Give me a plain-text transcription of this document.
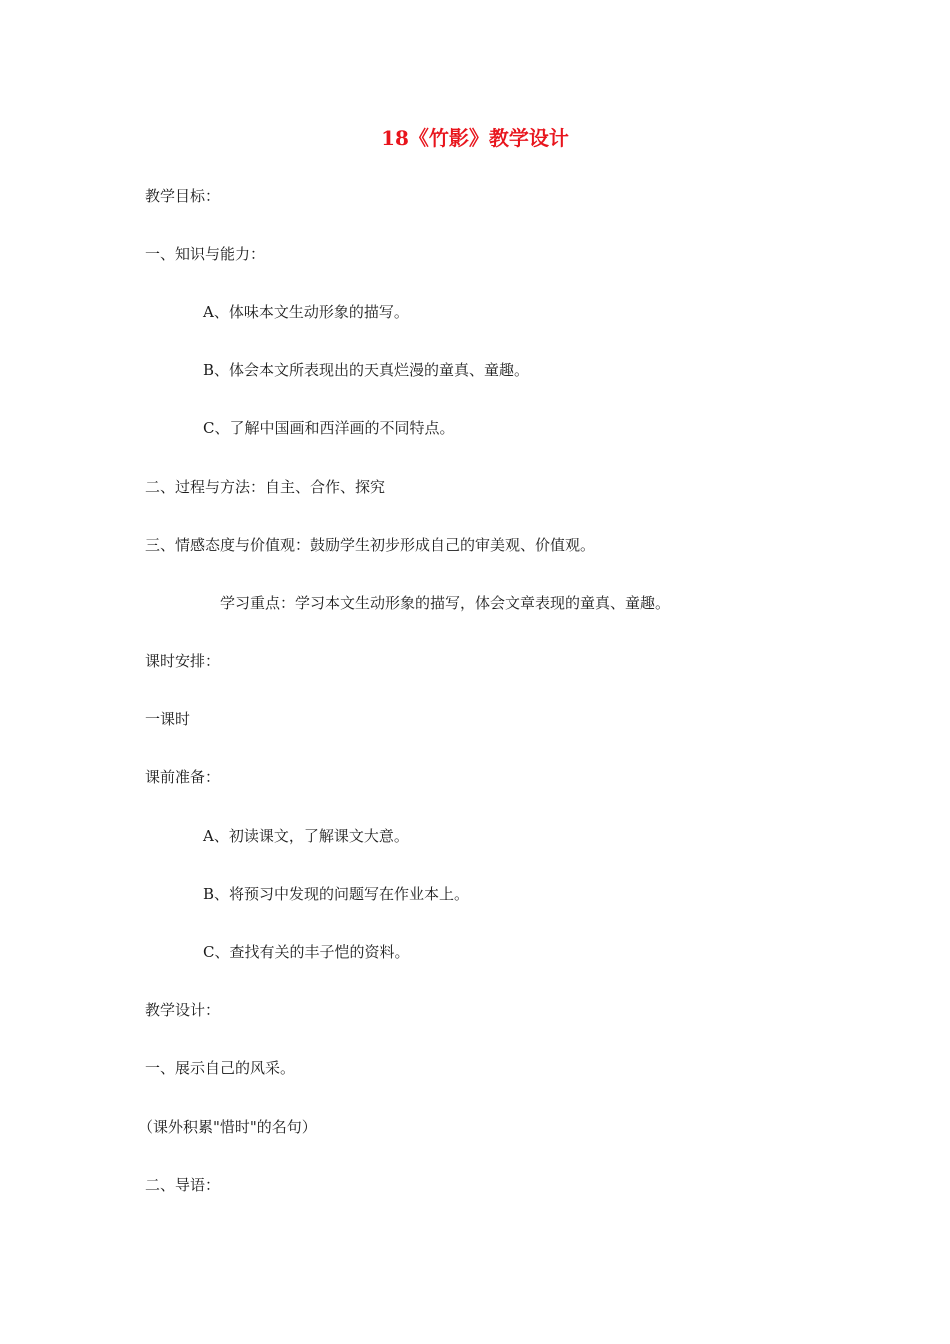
18《竹影》教学设计

教学目标：

一、知识与能力：

A、体味本文生动形象的描写。

B、体会本文所表现出的天真烂漫的童真、童趣。

C、了解中国画和西洋画的不同特点。

二、过程与方法：自主、合作、探究

三、情感态度与价值观：鼓励学生初步形成自己的审美观、价值观。

学习重点：学习本文生动形象的描写，体会文章表现的童真、童趣。

课时安排：

一课时

课前准备：

A、初读课文，了解课文大意。

B、将预习中发现的问题写在作业本上。

C、查找有关的丰子恺的资料。

教学设计：

一、展示自己的风采。

（课外积累"惜时"的名句）

二、导语：
